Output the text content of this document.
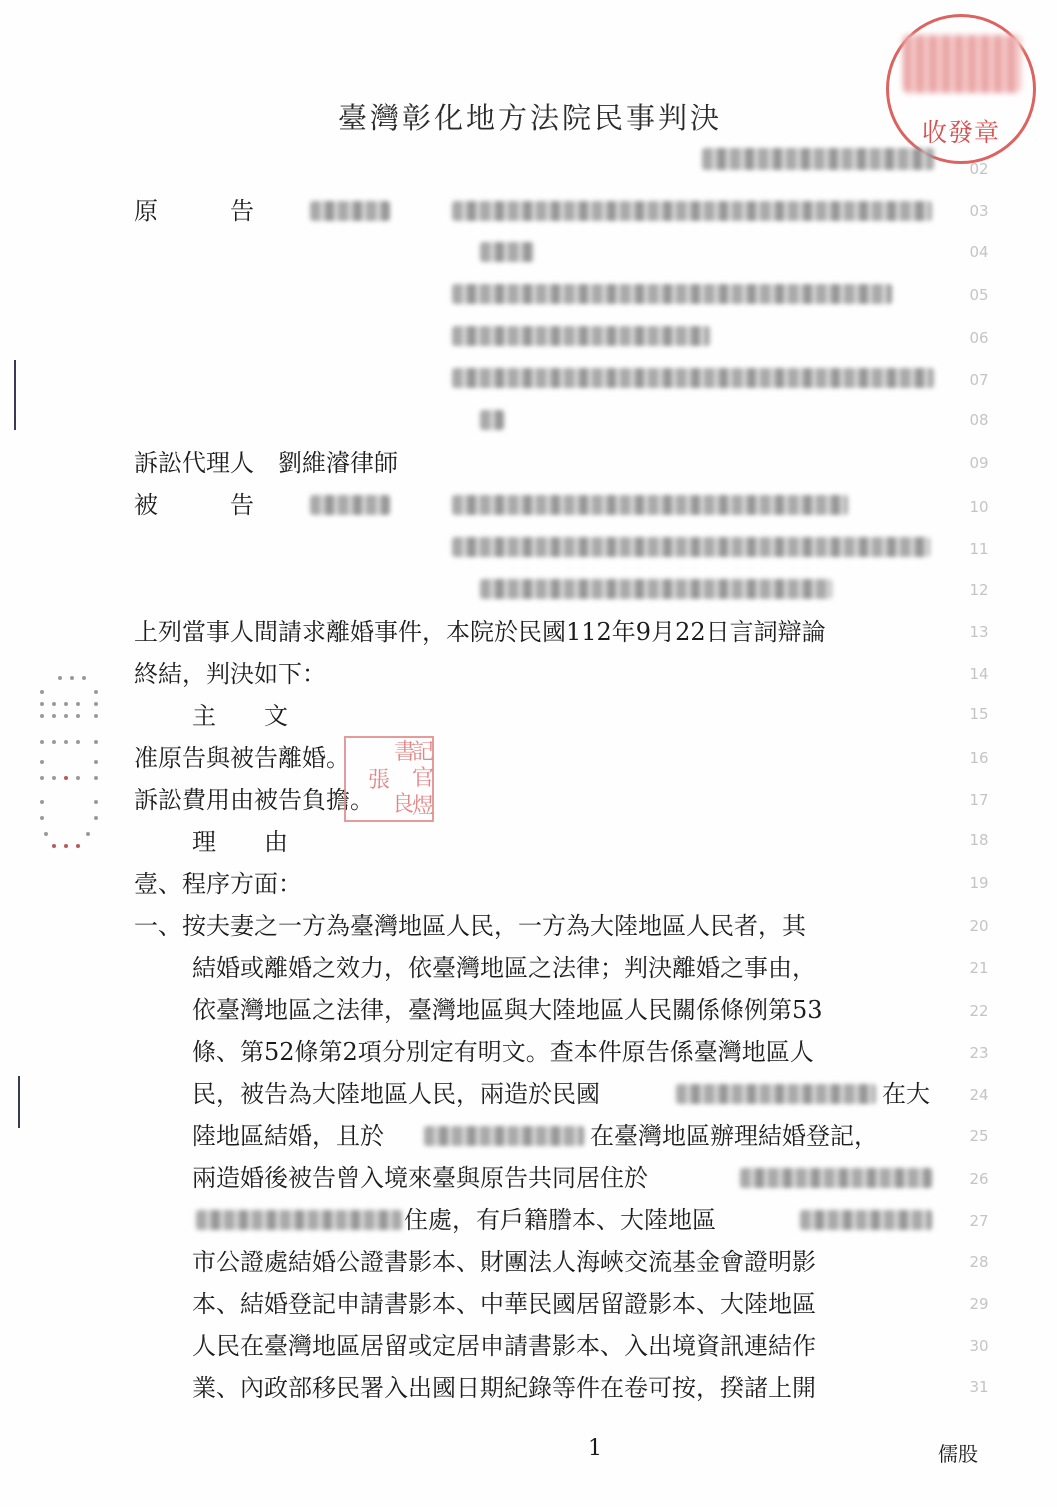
收發章
臺灣彰化地方法院民事判決
原　　　告
訴訟代理人　劉維濬律師
被　　　告
上列當事人間請求離婚事件，本院於民國112年9月22日言詞辯論
終結，判決如下：
主　　文
准原告與被告離婚。
訴訟費用由被告負擔。
理　　由
壹、程序方面：
一、按夫妻之一方為臺灣地區人民，一方為大陸地區人民者，其
結婚或離婚之效力，依臺灣地區之法律；判決離婚之事由，
依臺灣地區之法律，臺灣地區與大陸地區人民關係條例第53
條、第52條第2項分別定有明文。查本件原告係臺灣地區人
民，被告為大陸地區人民，兩造於民國	在大
陸地區結婚，且於	在臺灣地區辦理結婚登記，
兩造婚後被告曾入境來臺與原告共同居住於
住處，有戶籍謄本、大陸地區
市公證處結婚公證書影本、財團法人海峽交流基金會證明影
本、結婚登記申請書影本、中華民國居留證影本、大陸地區
人民在臺灣地區居留或定居申請書影本、入出境資訊連結作
業、內政部移民署入出國日期紀錄等件在卷可按，揆諸上開
書
記
官
張
良
煜
02
03
04
05
06
07
08
09
10
11
12
13
14
15
16
17
18
19
20
21
22
23
24
25
26
27
28
29
30
31
1	儒股
